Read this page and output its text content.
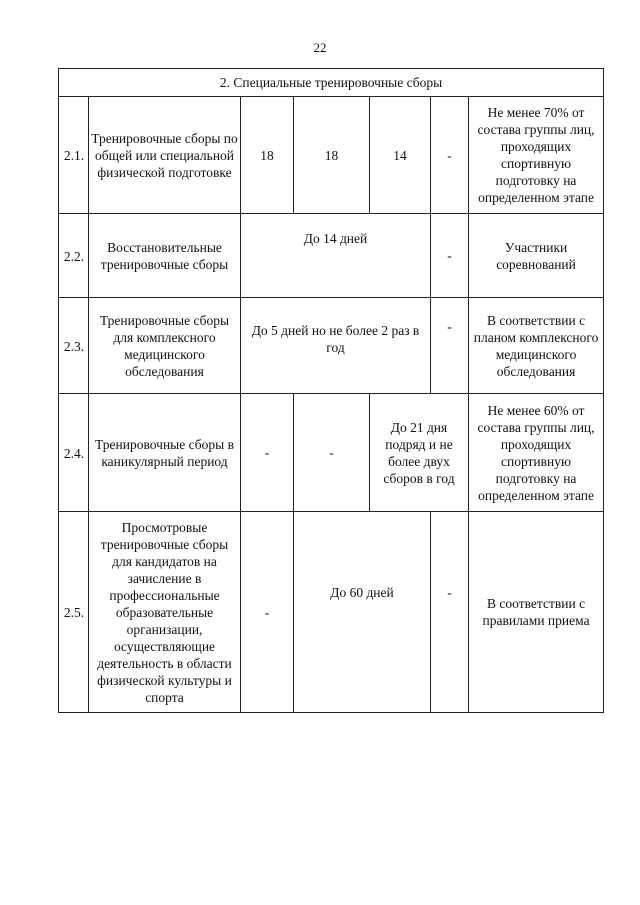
22
2. Специальные тренировочные сборы						
2.1.	Тренировочные сборы по общей или специальной физической подготовке	18	18	14	-	Не менее 70% от состава группы лиц, проходящих спортивную подготовку на определенном этапе
2.2.	Восстановительные тренировочные сборы	До 14 дней			-	Участники соревнований
2.3.	Тренировочные сборы для комплексного медицинского обследования	До 5 дней но не более 2 раз в год			-	В соответствии с планом комплексного медицинского обследования
2.4.	Тренировочные сборы в каникулярный период	-	-	До 21 дня подряд и не более двух сборов в год		Не менее 60% от состава группы лиц, проходящих спортивную подготовку на определенном этапе
2.5.	Просмотровые тренировочные сборы для кандидатов на зачисление в профессиональные образовательные организации, осуществляющие деятельность в области физической культуры и спорта	-	До 60 дней		-	В соответствии с правилами приема
